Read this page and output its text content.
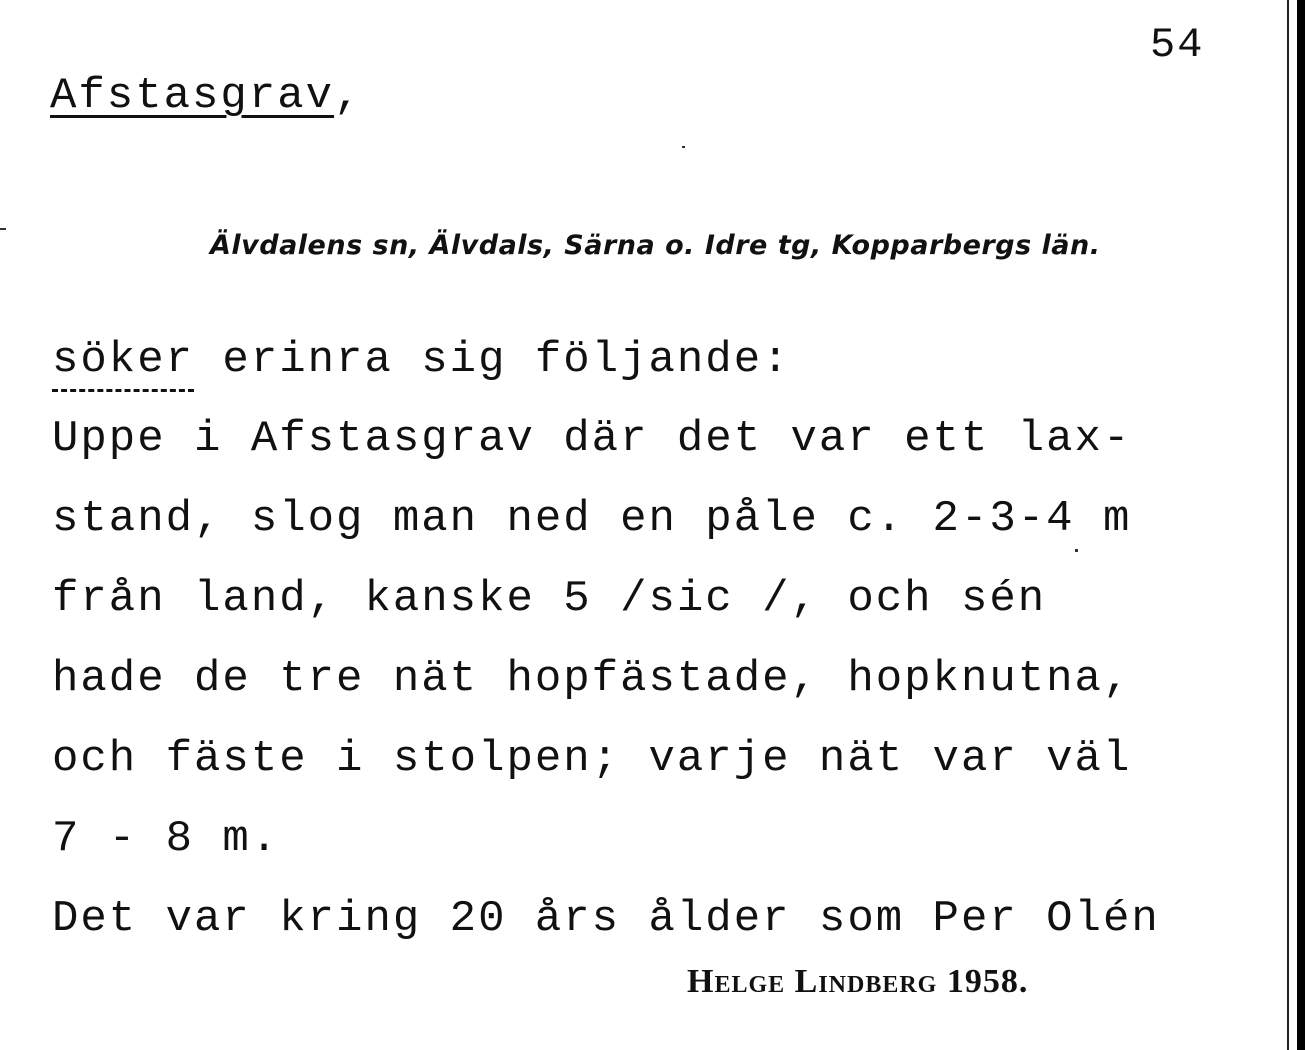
54
Afstasgrav,
Älvdalens sn, Älvdals, Särna o. Idre tg, Kopparbergs län.
söker erinra sig följande:
Uppe i Afstasgrav där det var ett lax-
stand, slog man ned en påle c. 2-3-4 m
från land, kanske 5 /sic /, och sén
hade de tre nät hopfästade, hopknutna,
och fäste i stolpen; varje nät var väl
7 - 8 m.
Det var kring 20 års ålder som Per Olén
Helge Lindberg 1958.
